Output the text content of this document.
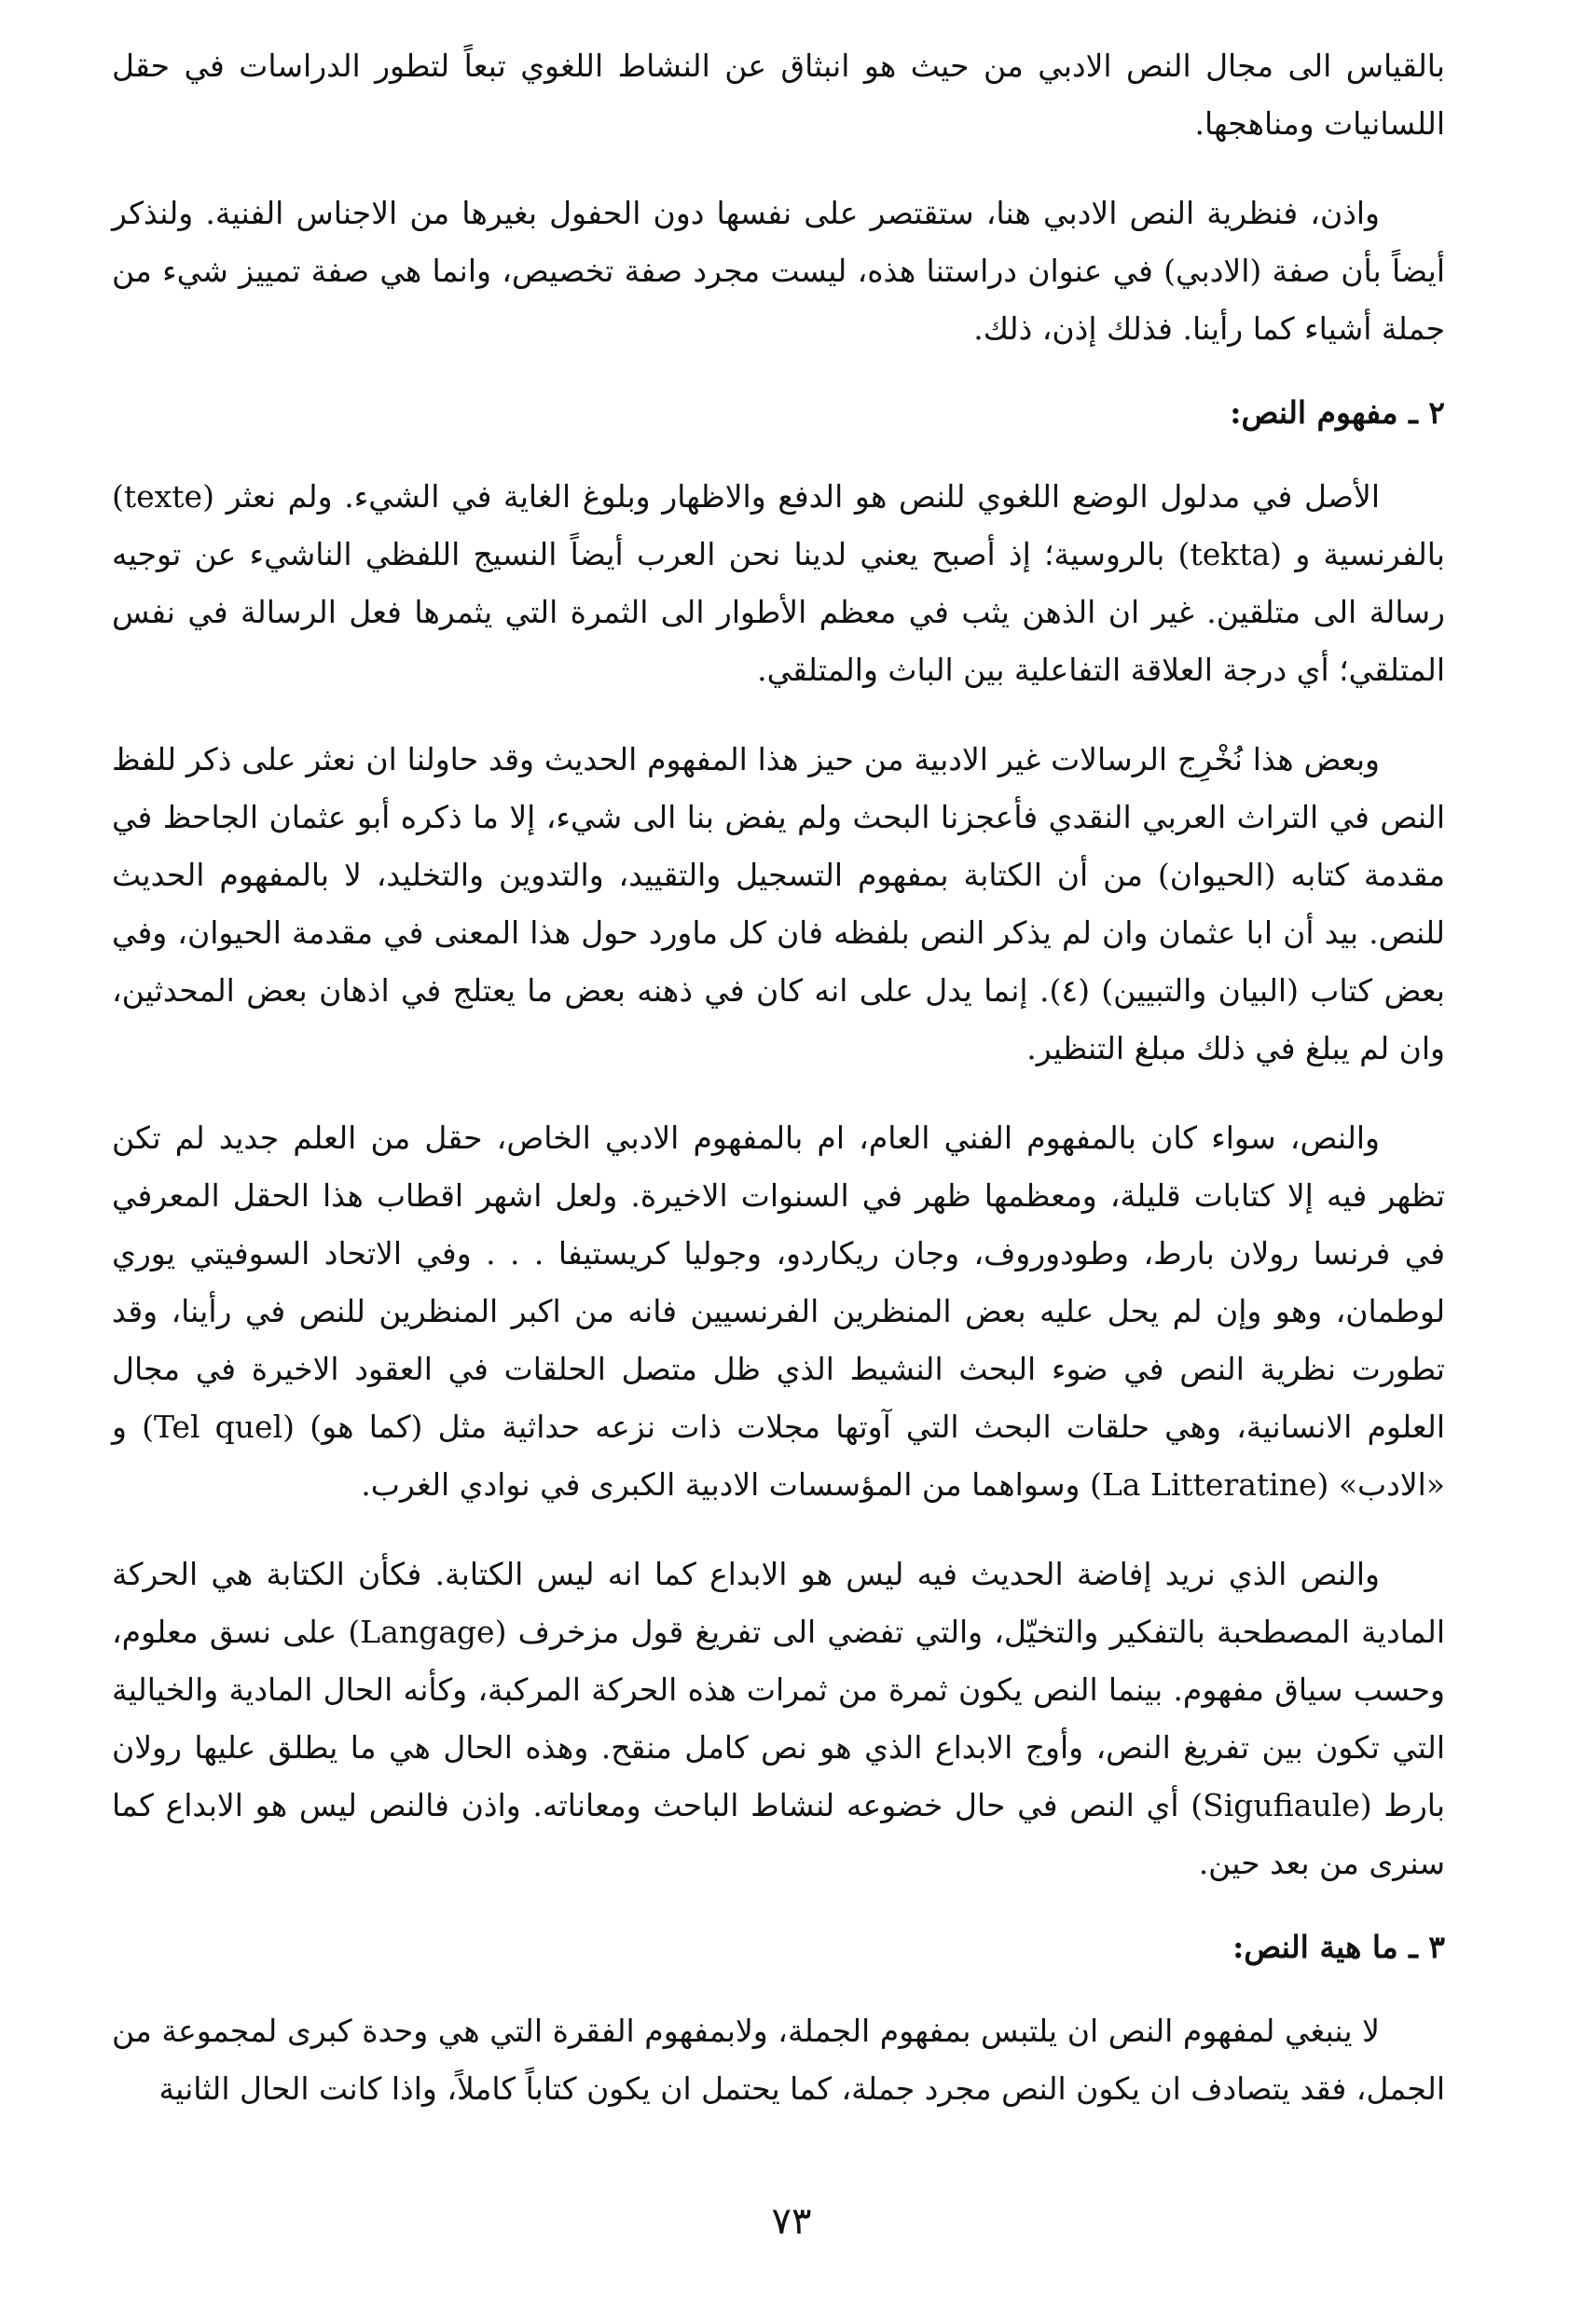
بالقياس الى مجال النص الادبي من حيث هو انبثاق عن النشاط اللغوي تبعاً لتطور الدراسات في حقل اللسانيات ومناهجها.

واذن، فنظرية النص الادبي هنا، ستقتصر على نفسها دون الحفول بغيرها من الاجناس الفنية. ولنذكر أيضاً بأن صفة (الادبي) في عنوان دراستنا هذه، ليست مجرد صفة تخصيص، وانما هي صفة تمييز شيء من جملة أشياء كما رأينا. فذلك إذن، ذلك.

٢ ـ مفهوم النص:

الأصل في مدلول الوضع اللغوي للنص هو الدفع والاظهار وبلوغ الغاية في الشيء. ولم نعثر (texte) بالفرنسية و (tekta) بالروسية؛ إذ أصبح يعني لدينا نحن العرب أيضاً النسيج اللفظي الناشيء عن توجيه رسالة الى متلقين. غير ان الذهن يثب في معظم الأطوار الى الثمرة التي يثمرها فعل الرسالة في نفس المتلقي؛ أي درجة العلاقة التفاعلية بين الباث والمتلقي.

وبعض هذا نُخْرِج الرسالات غير الادبية من حيز هذا المفهوم الحديث وقد حاولنا ان نعثر على ذكر للفظ النص في التراث العربي النقدي فأعجزنا البحث ولم يفض بنا الى شيء، إلا ما ذكره أبو عثمان الجاحظ في مقدمة كتابه (الحيوان) من أن الكتابة بمفهوم التسجيل والتقييد، والتدوين والتخليد، لا بالمفهوم الحديث للنص. بيد أن ابا عثمان وان لم يذكر النص بلفظه فان كل ماورد حول هذا المعنى في مقدمة الحيوان، وفي بعض كتاب (البيان والتبيين) (٤). إنما يدل على انه كان في ذهنه بعض ما يعتلج في اذهان بعض المحدثين، وان لم يبلغ في ذلك مبلغ التنظير.

والنص، سواء كان بالمفهوم الفني العام، ام بالمفهوم الادبي الخاص، حقل من العلم جديد لم تكن تظهر فيه إلا كتابات قليلة، ومعظمها ظهر في السنوات الاخيرة. ولعل اشهر اقطاب هذا الحقل المعرفي في فرنسا رولان بارط، وطودوروف، وجان ريكاردو، وجوليا كريستيفا . . . وفي الاتحاد السوفيتي يوري لوطمان، وهو وإن لم يحل عليه بعض المنظرين الفرنسيين فانه من اكبر المنظرين للنص في رأينا، وقد تطورت نظرية النص في ضوء البحث النشيط الذي ظل متصل الحلقات في العقود الاخيرة في مجال العلوم الانسانية، وهي حلقات البحث التي آوتها مجلات ذات نزعه حداثية مثل (كما هو) (Tel quel) و «الادب» (La Litteratine) وسواهما من المؤسسات الادبية الكبرى في نوادي الغرب.

والنص الذي نريد إفاضة الحديث فيه ليس هو الابداع كما انه ليس الكتابة. فكأن الكتابة هي الحركة المادية المصطحبة بالتفكير والتخيّل، والتي تفضي الى تفريغ قول مزخرف (Langage) على نسق معلوم، وحسب سياق مفهوم. بينما النص يكون ثمرة من ثمرات هذه الحركة المركبة، وكأنه الحال المادية والخيالية التي تكون بين تفريغ النص، وأوج الابداع الذي هو نص كامل منقح. وهذه الحال هي ما يطلق عليها رولان بارط (Sigufiaule) أي النص في حال خضوعه لنشاط الباحث ومعاناته. واذن فالنص ليس هو الابداع كما سنرى من بعد حين.

٣ ـ ما هية النص:

لا ينبغي لمفهوم النص ان يلتبس بمفهوم الجملة، ولابمفهوم الفقرة التي هي وحدة كبرى لمجموعة من الجمل، فقد يتصادف ان يكون النص مجرد جملة، كما يحتمل ان يكون كتاباً كاملاً، واذا كانت الحال الثانية

٧٣
